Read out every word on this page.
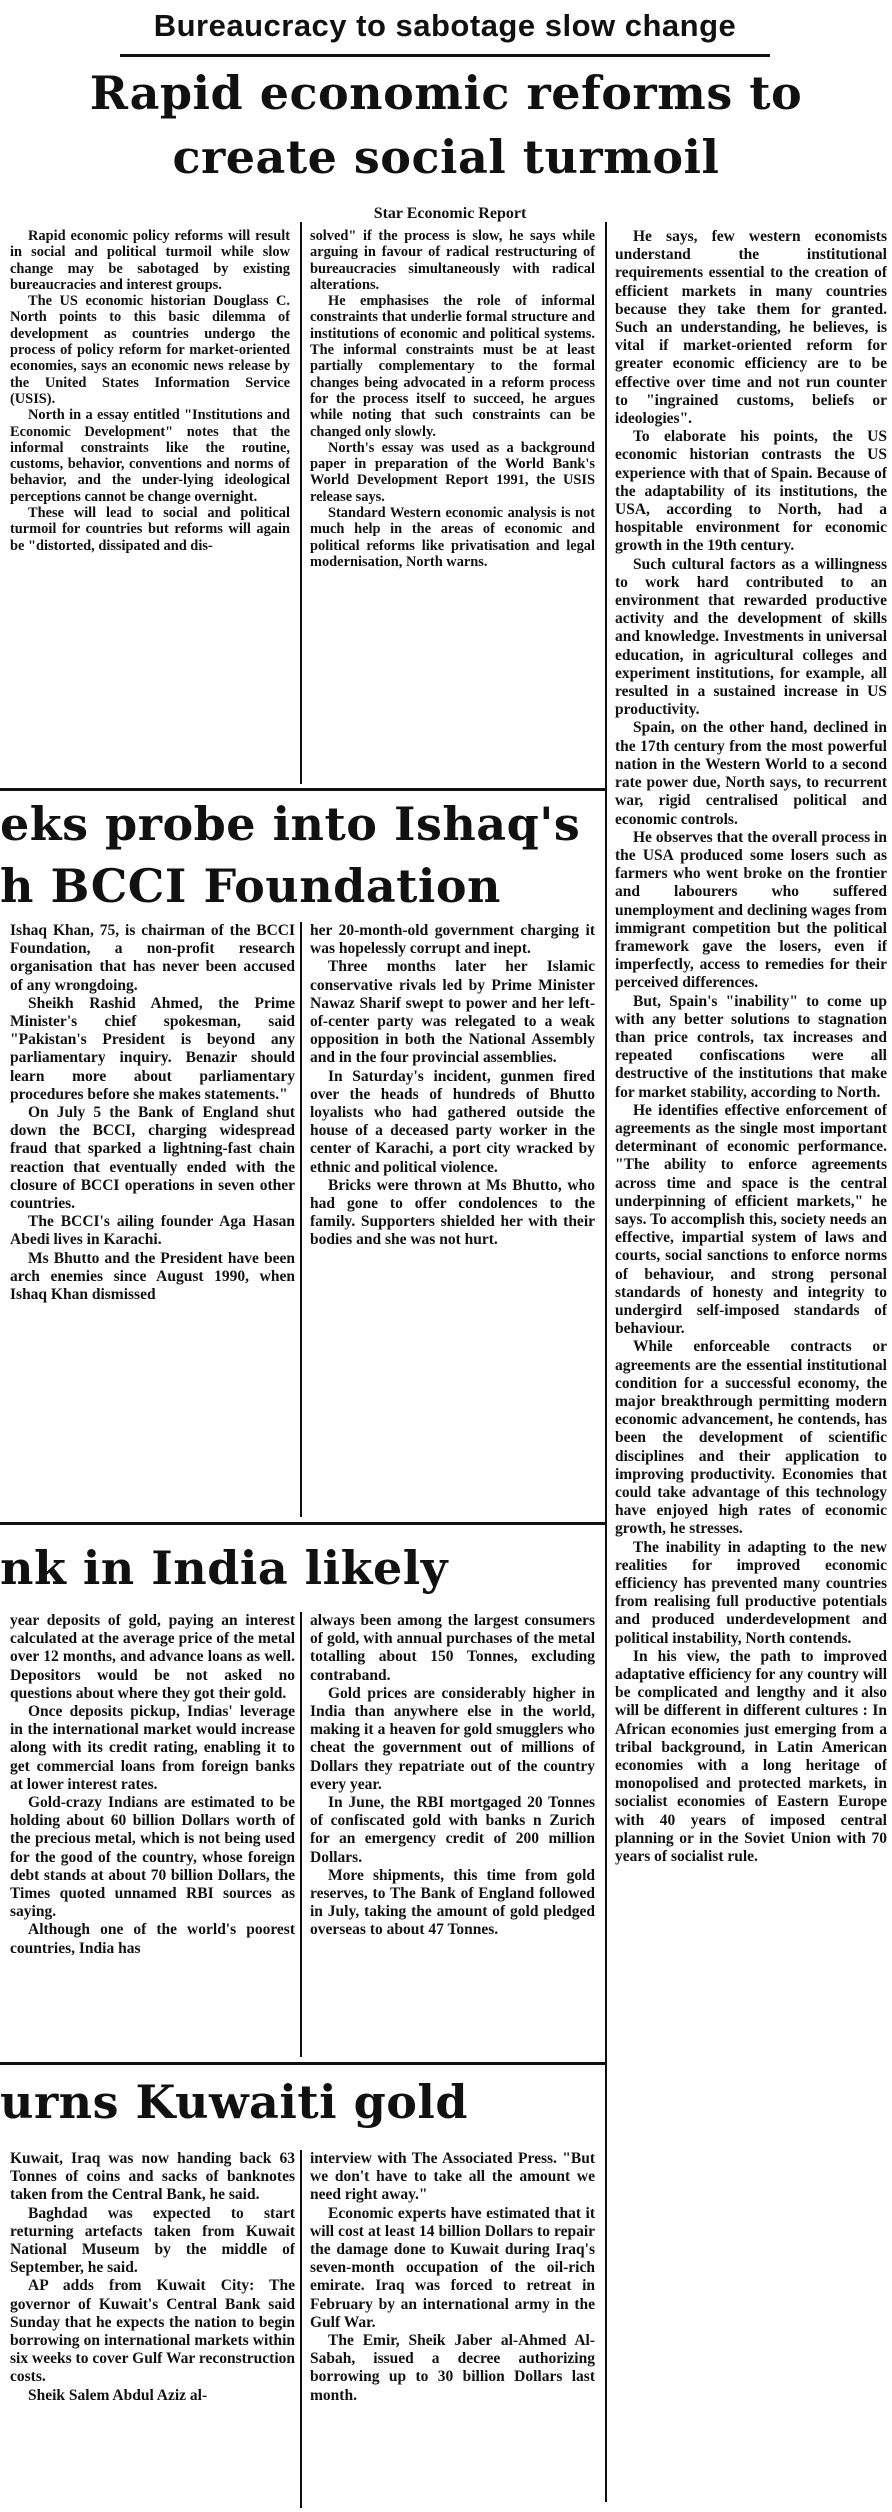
Bureaucracy to sabotage slow change
Rapid economic reforms to
create social turmoil
Star Economic Report

Rapid economic policy reforms will result in social and political turmoil while slow change may be sabotaged by existing bureaucracies and interest groups.

The US economic historian Douglass C. North points to this basic dilemma of development as countries undergo the process of policy reform for market-oriented economies, says an economic news release by the United States Information Service (USIS).

North in a essay entitled "Institutions and Economic Development" notes that the informal constraints like the routine, customs, behavior, conventions and norms of behavior, and the under-lying ideological perceptions cannot be change overnight.

These will lead to social and political turmoil for countries but reforms will again be "distorted, dissipated and dis-

solved" if the process is slow, he says while arguing in favour of radical restructuring of bureaucracies simultaneously with radical alterations.

He emphasises the role of informal constraints that underlie formal structure and institutions of economic and political systems. The informal constraints must be at least partially complementary to the formal changes being advocated in a reform process for the process itself to succeed, he argues while noting that such constraints can be changed only slowly.

North's essay was used as a background paper in preparation of the World Bank's World Development Report 1991, the USIS release says.

Standard Western economic analysis is not much help in the areas of economic and political reforms like privatisation and legal modernisation, North warns.

He says, few western economists understand the institutional requirements essential to the creation of efficient markets in many countries because they take them for granted. Such an understanding, he believes, is vital if market-oriented reform for greater economic efficiency are to be effective over time and not run counter to "ingrained customs, beliefs or ideologies".

To elaborate his points, the US economic historian contrasts the US experience with that of Spain. Because of the adaptability of its institutions, the USA, according to North, had a hospitable environment for economic growth in the 19th century.

Such cultural factors as a willingness to work hard contributed to an environment that rewarded productive activity and the development of skills and knowledge. Investments in universal education, in agricultural colleges and experiment institutions, for example, all resulted in a sustained increase in US productivity.

Spain, on the other hand, declined in the 17th century from the most powerful nation in the Western World to a second rate power due, North says, to recurrent war, rigid centralised political and economic controls.

He observes that the overall process in the USA produced some losers such as farmers who went broke on the frontier and labourers who suffered unemployment and declining wages from immigrant competition but the political framework gave the losers, even if imperfectly, access to remedies for their perceived differences.

But, Spain's "inability" to come up with any better solutions to stagnation than price controls, tax increases and repeated confiscations were all destructive of the institutions that make for market stability, according to North.

He identifies effective enforcement of agreements as the single most important determinant of economic performance. "The ability to enforce agreements across time and space is the central underpinning of efficient markets," he says. To accomplish this, society needs an effective, impartial system of laws and courts, social sanctions to enforce norms of behaviour, and strong personal standards of honesty and integrity to undergird self-imposed standards of behaviour.

While enforceable contracts or agreements are the essential institutional condition for a successful economy, the major breakthrough permitting modern economic advancement, he contends, has been the development of scientific disciplines and their application to improving productivity. Economies that could take advantage of this technology have enjoyed high rates of economic growth, he stresses.

The inability in adapting to the new realities for improved economic efficiency has prevented many countries from realising full productive potentials and produced underdevelopment and political instability, North contends.

In his view, the path to improved adaptative efficiency for any country will be complicated and lengthy and it also will be different in different cultures : In African economies just emerging from a tribal background, in Latin American economies with a long heritage of monopolised and protected markets, in socialist economies of Eastern Europe with 40 years of imposed central planning or in the Soviet Union with 70 years of socialist rule.

eks probe into Ishaq's
h BCCI Foundation

Ishaq Khan, 75, is chairman of the BCCI Foundation, a non-profit research organisation that has never been accused of any wrongdoing.

Sheikh Rashid Ahmed, the Prime Minister's chief spokesman, said "Pakistan's President is beyond any parliamentary inquiry. Benazir should learn more about parliamentary procedures before she makes statements."

On July 5 the Bank of England shut down the BCCI, charging widespread fraud that sparked a lightning-fast chain reaction that eventually ended with the closure of BCCI operations in seven other countries.

The BCCI's ailing founder Aga Hasan Abedi lives in Karachi.

Ms Bhutto and the President have been arch enemies since August 1990, when Ishaq Khan dismissed

her 20-month-old government charging it was hopelessly corrupt and inept.

Three months later her Islamic conservative rivals led by Prime Minister Nawaz Sharif swept to power and her left-of-center party was relegated to a weak opposition in both the National Assembly and in the four provincial assemblies.

In Saturday's incident, gunmen fired over the heads of hundreds of Bhutto loyalists who had gathered outside the house of a deceased party worker in the center of Karachi, a port city wracked by ethnic and political violence.

Bricks were thrown at Ms Bhutto, who had gone to offer condolences to the family. Supporters shielded her with their bodies and she was not hurt.

nk in India likely

year deposits of gold, paying an interest calculated at the average price of the metal over 12 months, and advance loans as well. Depositors would be not asked no questions about where they got their gold.

Once deposits pickup, Indias' leverage in the international market would increase along with its credit rating, enabling it to get commercial loans from foreign banks at lower interest rates.

Gold-crazy Indians are estimated to be holding about 60 billion Dollars worth of the precious metal, which is not being used for the good of the country, whose foreign debt stands at about 70 billion Dollars, the Times quoted unnamed RBI sources as saying.

Although one of the world's poorest countries, India has

always been among the largest consumers of gold, with annual purchases of the metal totalling about 150 Tonnes, excluding contraband.

Gold prices are considerably higher in India than anywhere else in the world, making it a heaven for gold smugglers who cheat the government out of millions of Dollars they repatriate out of the country every year.

In June, the RBI mortgaged 20 Tonnes of confiscated gold with banks n Zurich for an emergency credit of 200 million Dollars.

More shipments, this time from gold reserves, to The Bank of England followed in July, taking the amount of gold pledged overseas to about 47 Tonnes.

urns Kuwaiti gold

Kuwait, Iraq was now handing back 63 Tonnes of coins and sacks of banknotes taken from the Central Bank, he said.

Baghdad was expected to start returning artefacts taken from Kuwait National Museum by the middle of September, he said.

AP adds from Kuwait City: The governor of Kuwait's Central Bank said Sunday that he expects the nation to begin borrowing on international markets within six weeks to cover Gulf War reconstruction costs.

Sheik Salem Abdul Aziz al-

interview with The Associated Press. "But we don't have to take all the amount we need right away."

Economic experts have estimated that it will cost at least 14 billion Dollars to repair the damage done to Kuwait during Iraq's seven-month occupation of the oil-rich emirate. Iraq was forced to retreat in February by an international army in the Gulf War.

The Emir, Sheik Jaber al-Ahmed Al-Sabah, issued a decree authorizing borrowing up to 30 billion Dollars last month.
